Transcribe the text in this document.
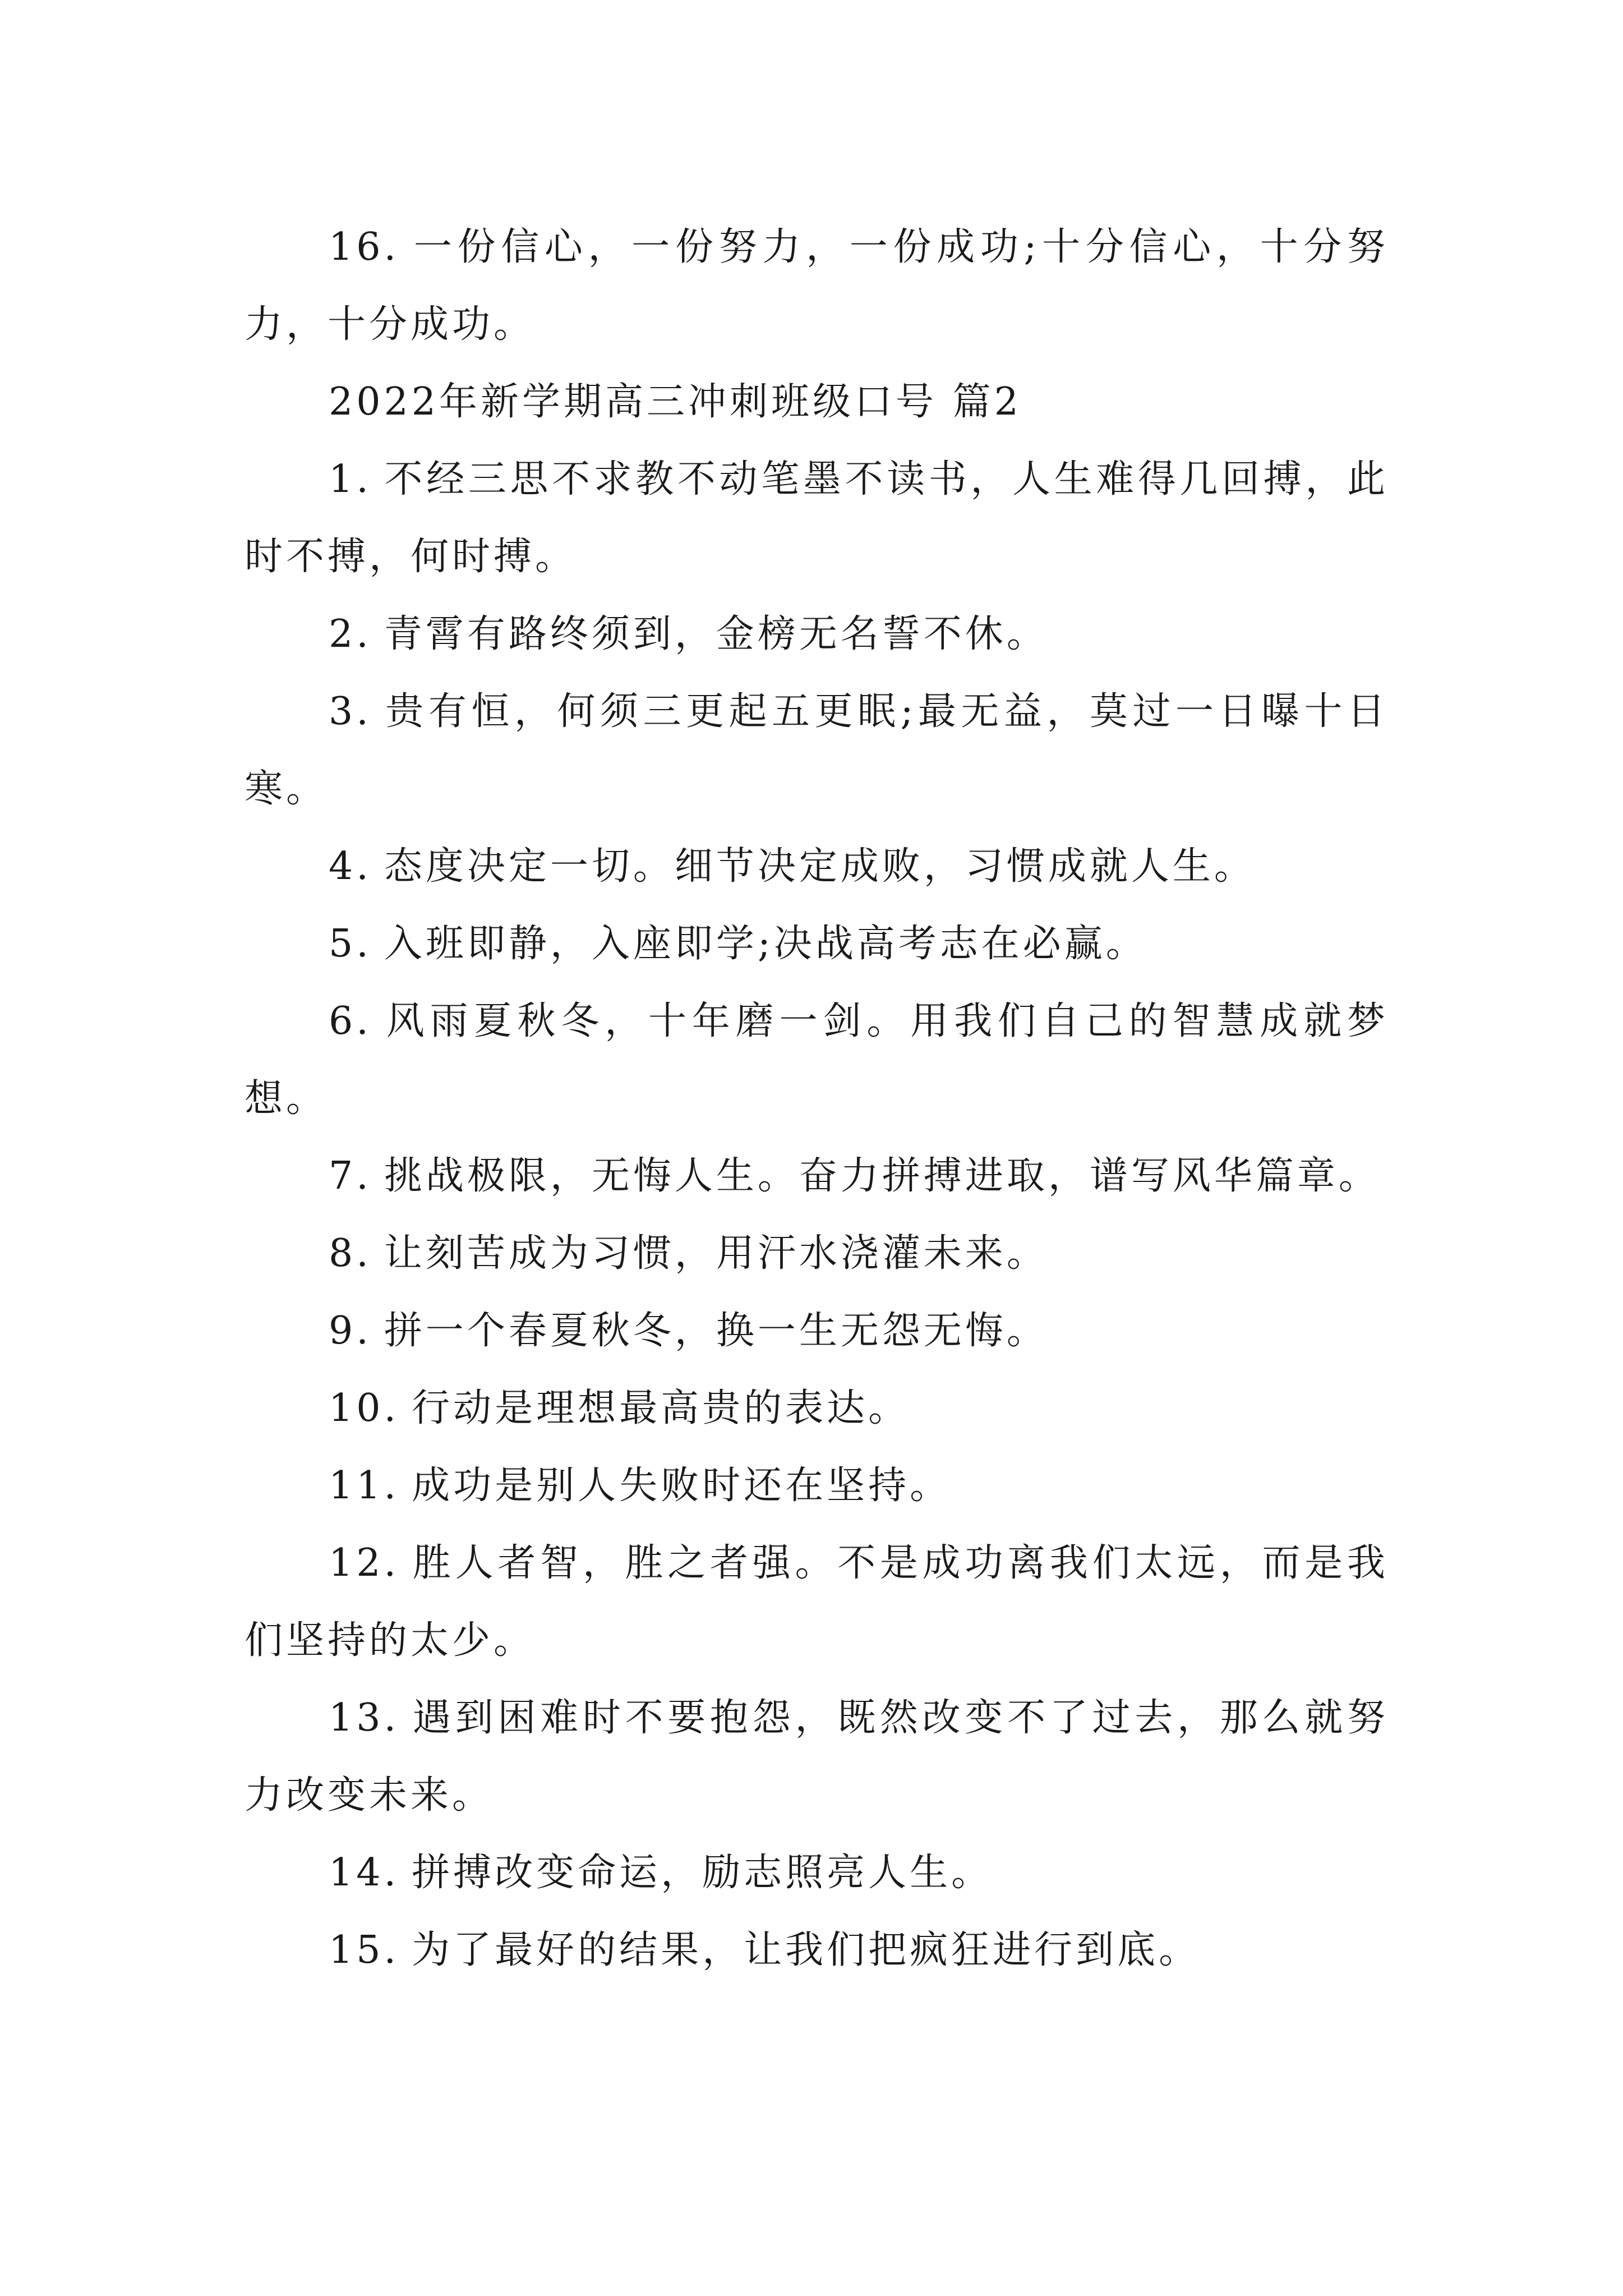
16. 一份信心，一份努力，一份成功;十分信心，十分努力，十分成功。

2022年新学期高三冲刺班级口号 篇2

1. 不经三思不求教不动笔墨不读书，人生难得几回搏，此时不搏，何时搏。

2. 青霄有路终须到，金榜无名誓不休。

3. 贵有恒，何须三更起五更眠;最无益，莫过一日曝十日寒。

4. 态度决定一切。细节决定成败，习惯成就人生。

5. 入班即静，入座即学;决战高考志在必赢。

6. 风雨夏秋冬，十年磨一剑。用我们自己的智慧成就梦想。

7. 挑战极限，无悔人生。奋力拼搏进取，谱写风华篇章。

8. 让刻苦成为习惯，用汗水浇灌未来。

9. 拼一个春夏秋冬，换一生无怨无悔。

10. 行动是理想最高贵的表达。

11. 成功是别人失败时还在坚持。

12. 胜人者智，胜之者强。不是成功离我们太远，而是我们坚持的太少。

13. 遇到困难时不要抱怨，既然改变不了过去，那么就努力改变未来。

14. 拼搏改变命运，励志照亮人生。

15. 为了最好的结果，让我们把疯狂进行到底。
